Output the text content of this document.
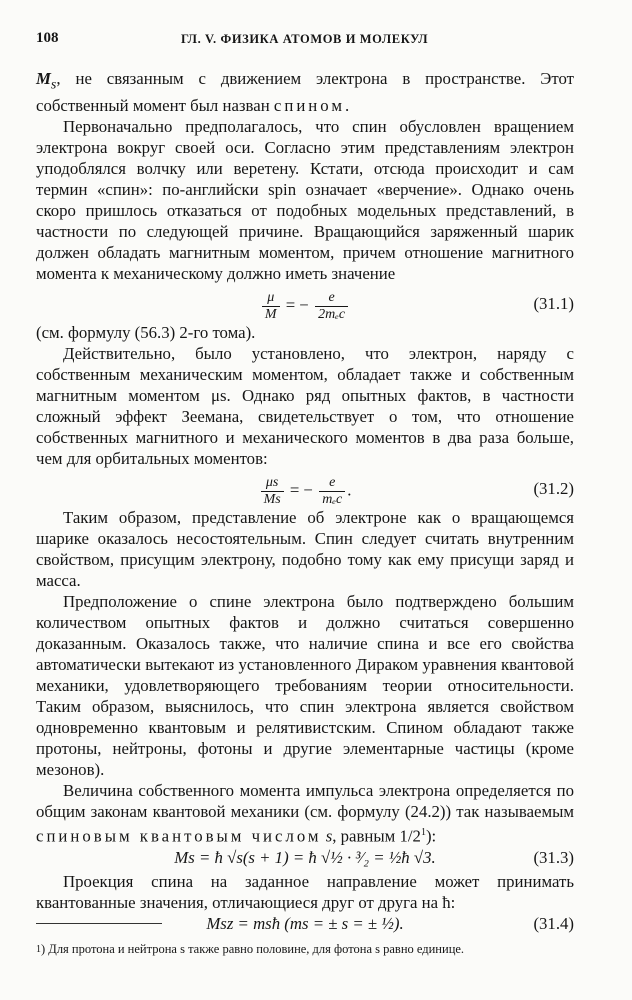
108	ГЛ. V. ФИЗИКА АТОМОВ И МОЛЕКУЛ

$M_s$, не связанным с движением электрона в пространстве. Этот собственный момент был назван спином.

Первоначально предполагалось, что спин обусловлен вращением электрона вокруг своей оси. Согласно этим представлениям электрон уподоблялся волчку или веретену. Кстати, отсюда происходит и сам термин «спин»: по-английски spin означает «верчение». Однако очень скоро пришлось отказаться от подобных модельных представлений, в частности по следующей причине. Вращающийся заряженный шарик должен обладать магнитным моментом, причем отношение магнитного момента к механическому должно иметь значение

$\frac{\mu}{M}$ = − $\frac{e}{\text{2mₑc}}$	(31.1)

(см. формулу (56.3) 2-го тома).

Действительно, было установлено, что электрон, наряду с собственным механическим моментом, обладает также и собственным магнитным моментом μs. Однако ряд опытных фактов, в частности сложный эффект Зеемана, свидетельствует о том, что отношение собственных магнитного и механического моментов в два раза больше, чем для орбитальных моментов:

$\frac{\mu s}{Ms}$ = − $\frac{e}{\text{mₑc}}$ .	(31.2)

Таким образом, представление об электроне как о вращающемся шарике оказалось несостоятельным. Спин следует считать внутренним свойством, присущим электрону, подобно тому как ему присущи заряд и масса.

Предположение о спине электрона было подтверждено большим количеством опытных фактов и должно считаться совершенно доказанным. Оказалось также, что наличие спина и все его свойства автоматически вытекают из установленного Дираком уравнения квантовой механики, удовлетворяющего требованиям теории относительности. Таким образом, выяснилось, что спин электрона является свойством одновременно квантовым и релятивистским. Спином обладают также протоны, нейтроны, фотоны и другие элементарные частицы (кроме мезонов).

Величина собственного момента импульса электрона определяется по общим законам квантовой механики (см. формулу (24.2)) так называемым спиновым квантовым числом s, равным $1/2^1$):

Ms = ħ √s(s + 1) = ħ √½ · ³⁄₂ = ½ħ √3.	(31.3)

Проекция спина на заданное направление может принимать квантованные значения, отличающиеся друг от друга на ħ:

Msz = msħ (ms = ± s = ± ½).	(31.4)
$^1$) Для протона и нейтрона s также равно половине, для фотона s равно единице.
